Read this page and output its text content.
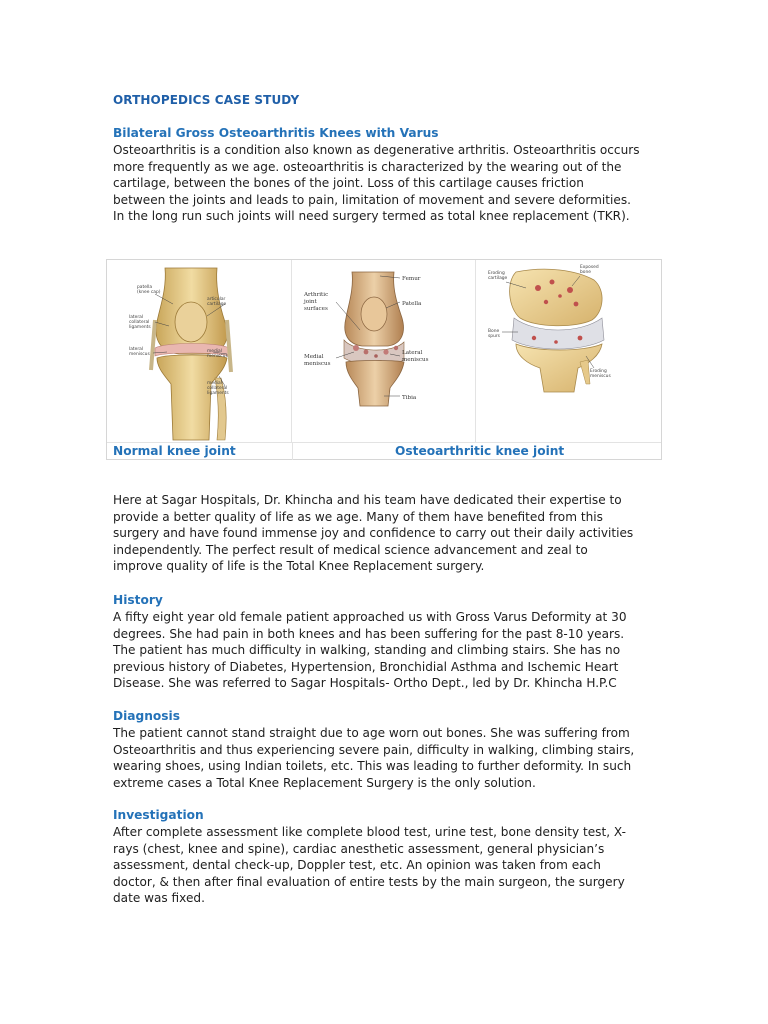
ORTHOPEDICS CASE STUDY
Bilateral Gross Osteoarthritis Knees with Varus

Osteoarthritis is a condition also known as degenerative arthritis. Osteoarthritis occurs

more frequently as we age. osteoarthritis is characterized by the wearing out of the

cartilage, between the bones of the joint. Loss of this cartilage causes friction

between the joints and leads to pain, limitation of movement and severe deformities.

In the long run such joints will need surgery termed as total knee replacement (TKR).

patella
(knee cap)
articular
cartilage
lateral
collateral
ligaments
lateral
meniscus
medial
meniscus
medial
collateral
ligaments
Femur
Arthritic
joint
surfaces
Patella
Medial
meniscus
Lateral
meniscus
Tibia
Eroding
cartilage
Exposed
bone
Bone
spurs
Eroding
meniscus
Normal knee joint	Osteoarthritic knee joint

Here at Sagar Hospitals, Dr. Khincha and his team have dedicated their expertise to

provide a better quality of life as we age. Many of them have benefited from this

surgery and have found immense joy and confidence to carry out their daily activities

independently. The perfect result of medical science advancement and zeal to

improve quality of life is the Total Knee Replacement surgery.

History

A fifty eight year old female patient approached us with Gross Varus Deformity at 30

degrees. She had pain in both knees and has been suffering for the past 8-10 years.

The patient has much difficulty in walking, standing and climbing stairs. She has no

previous history of Diabetes, Hypertension, Bronchidial Asthma and Ischemic Heart

Disease. She was referred to Sagar Hospitals- Ortho Dept., led by Dr. Khincha H.P.C

Diagnosis

The patient cannot stand straight due to age worn out bones. She was suffering from

Osteoarthritis and thus experiencing severe pain, difficulty in walking, climbing stairs,

wearing shoes, using Indian toilets, etc. This was leading to further deformity. In such

extreme cases a Total Knee Replacement Surgery is the only solution.

Investigation

After complete assessment like complete blood test, urine test, bone density test, X-

rays (chest, knee and spine), cardiac anesthetic assessment, general physician’s

assessment, dental check-up, Doppler test, etc. An opinion was taken from each

doctor, & then after final evaluation of entire tests by the main surgeon, the surgery

date was fixed.
